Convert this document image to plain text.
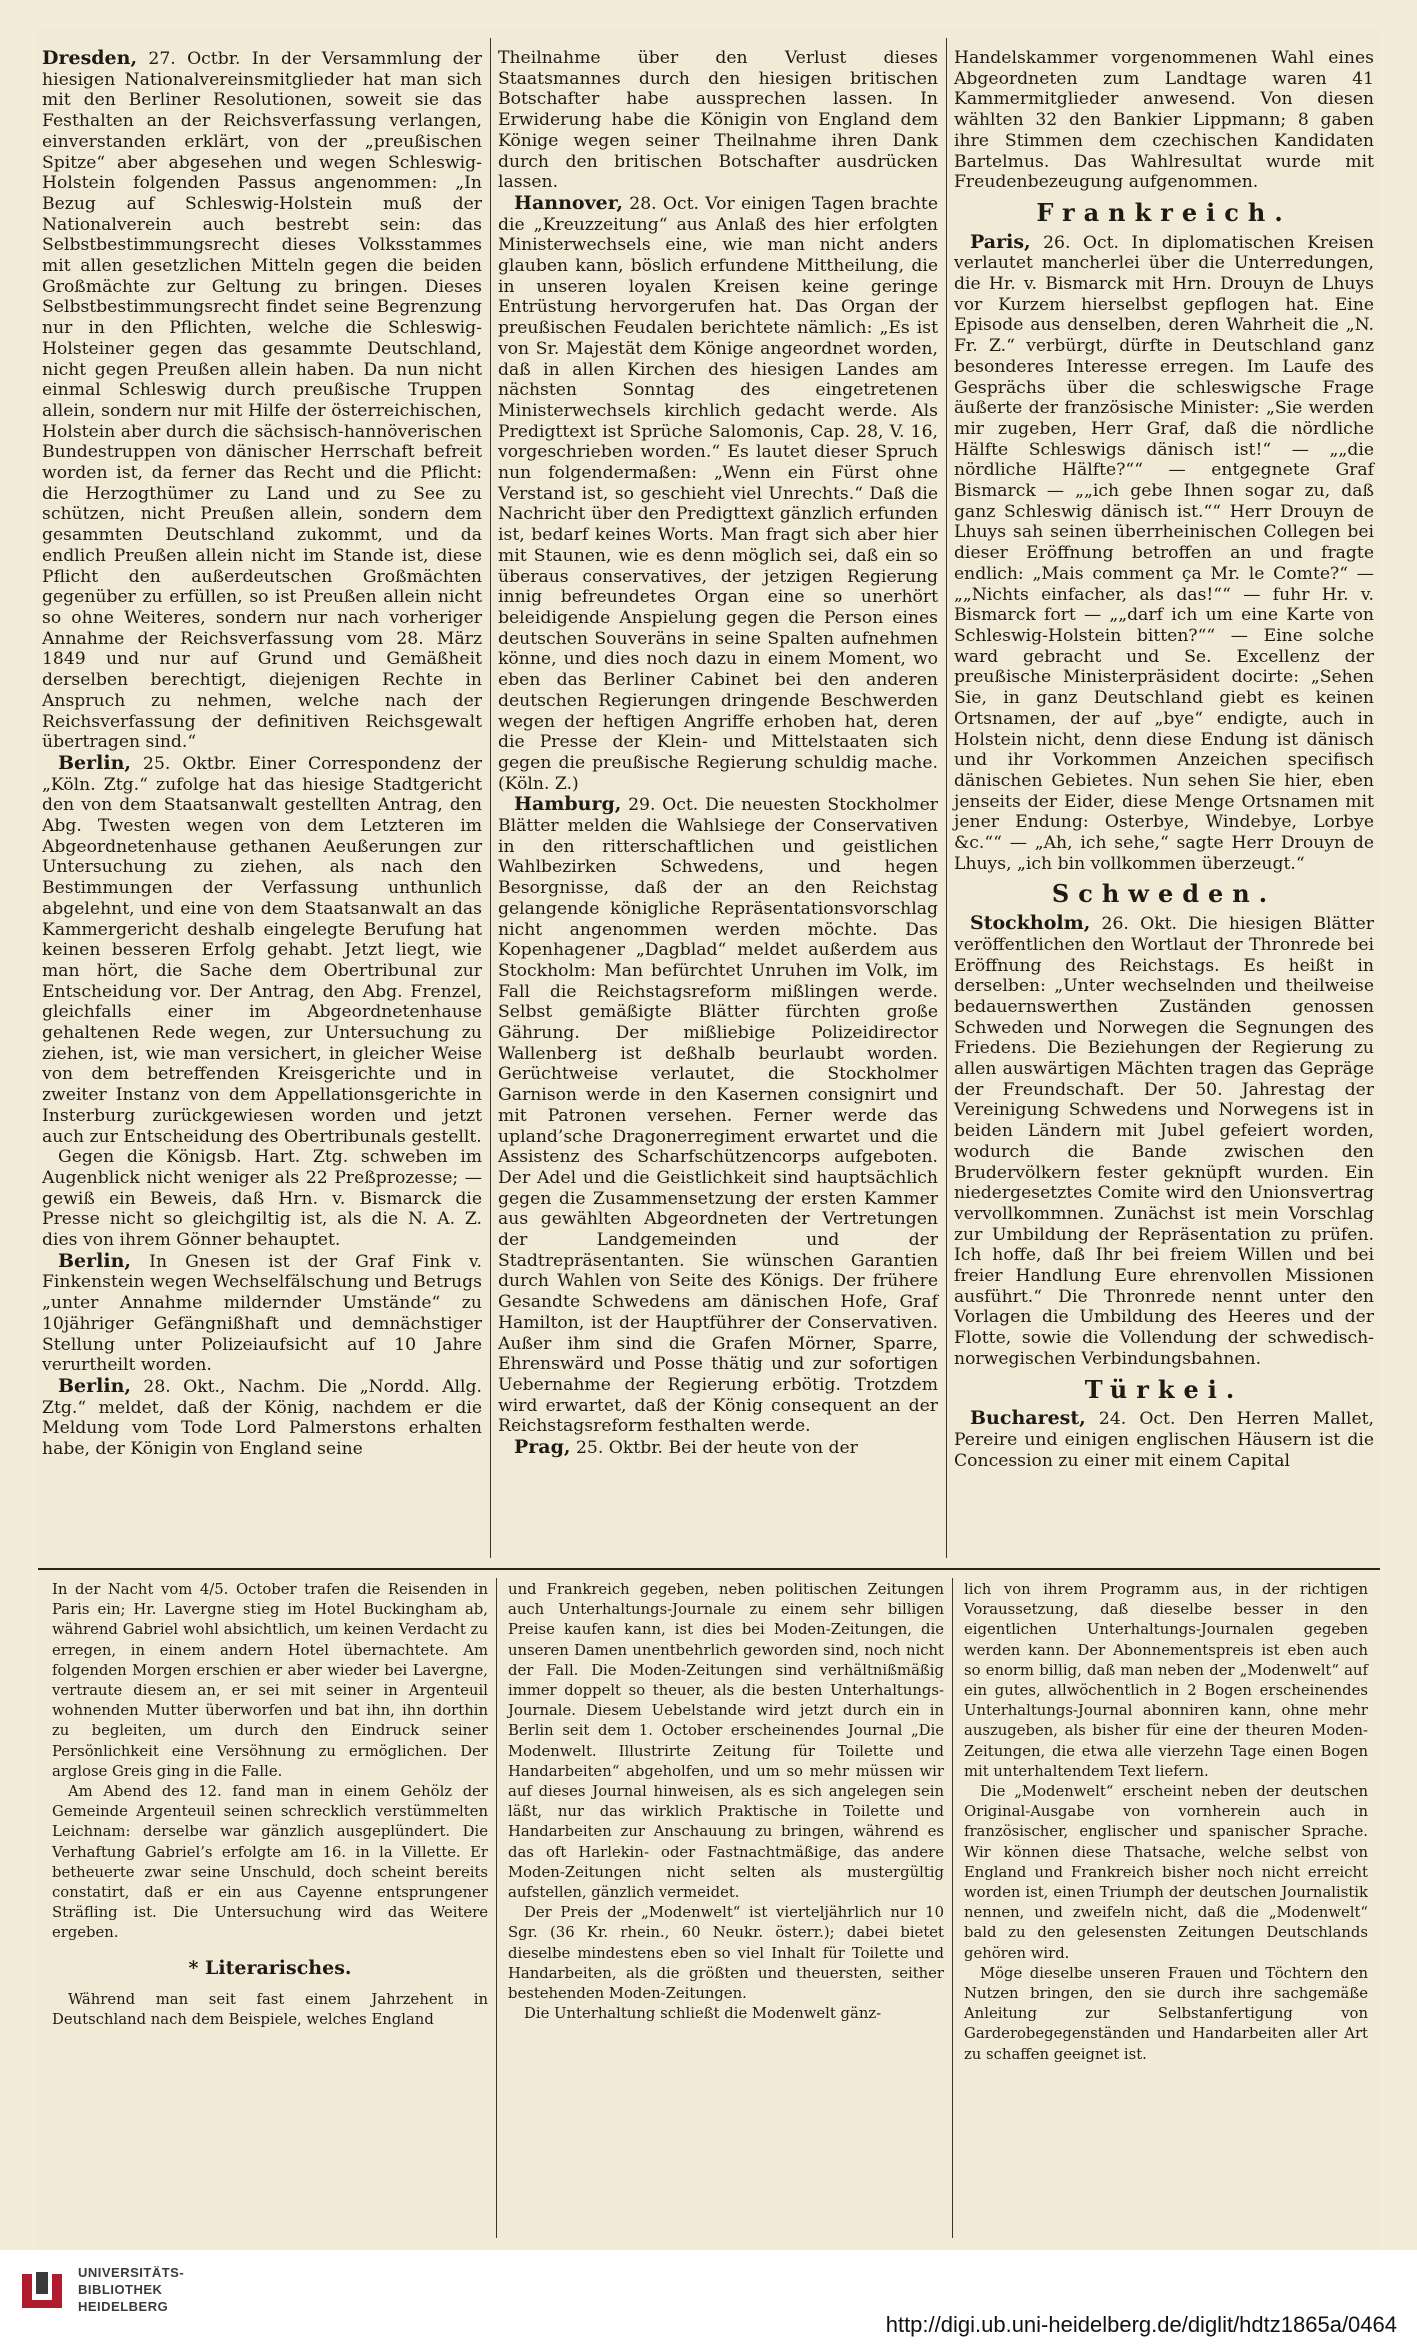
Dresden, 27. Octbr. In der Versammlung der hiesigen Nationalvereinsmitglieder hat man sich mit den Berliner Resolutionen, soweit sie das Festhalten an der Reichsverfassung verlangen, einverstanden erklärt, von der „preußischen Spitze“ aber abgesehen und wegen Schleswig-Holstein folgenden Passus angenommen: „In Bezug auf Schleswig-Holstein muß der Nationalverein auch bestrebt sein: das Selbstbestimmungsrecht dieses Volksstammes mit allen gesetzlichen Mitteln gegen die beiden Großmächte zur Geltung zu bringen. Dieses Selbstbestimmungsrecht findet seine Begrenzung nur in den Pflichten, welche die Schleswig-Holsteiner gegen das gesammte Deutschland, nicht gegen Preußen allein haben. Da nun nicht einmal Schleswig durch preußische Truppen allein, sondern nur mit Hilfe der österreichischen, Holstein aber durch die sächsisch-hannöverischen Bundestruppen von dänischer Herrschaft befreit worden ist, da ferner das Recht und die Pflicht: die Herzogthümer zu Land und zu See zu schützen, nicht Preußen allein, sondern dem gesammten Deutschland zukommt, und da endlich Preußen allein nicht im Stande ist, diese Pflicht den außerdeutschen Großmächten gegenüber zu erfüllen, so ist Preußen allein nicht so ohne Weiteres, sondern nur nach vorheriger Annahme der Reichsverfassung vom 28. März 1849 und nur auf Grund und Gemäßheit derselben berechtigt, diejenigen Rechte in Anspruch zu nehmen, welche nach der Reichsverfassung der definitiven Reichsgewalt übertragen sind.“

Berlin, 25. Oktbr. Einer Correspondenz der „Köln. Ztg.“ zufolge hat das hiesige Stadtgericht den von dem Staatsanwalt gestellten Antrag, den Abg. Twesten wegen von dem Letzteren im Abgeordnetenhause gethanen Aeußerungen zur Untersuchung zu ziehen, als nach den Bestimmungen der Verfassung unthunlich abgelehnt, und eine von dem Staatsanwalt an das Kammergericht deshalb eingelegte Berufung hat keinen besseren Erfolg gehabt. Jetzt liegt, wie man hört, die Sache dem Obertribunal zur Entscheidung vor. Der Antrag, den Abg. Frenzel, gleichfalls einer im Abgeordnetenhause gehaltenen Rede wegen, zur Untersuchung zu ziehen, ist, wie man versichert, in gleicher Weise von dem betreffenden Kreisgerichte und in zweiter Instanz von dem Appellationsgerichte in Insterburg zurückgewiesen worden und jetzt auch zur Entscheidung des Obertribunals gestellt.

Gegen die Königsb. Hart. Ztg. schweben im Augenblick nicht weniger als 22 Preßprozesse; — gewiß ein Beweis, daß Hrn. v. Bismarck die Presse nicht so gleichgiltig ist, als die N. A. Z. dies von ihrem Gönner behauptet.

Berlin, In Gnesen ist der Graf Fink v. Finkenstein wegen Wechselfälschung und Betrugs „unter Annahme mildernder Umstände“ zu 10jähriger Gefängnißhaft und demnächstiger Stellung unter Polizeiaufsicht auf 10 Jahre verurtheilt worden.

Berlin, 28. Okt., Nachm. Die „Nordd. Allg. Ztg.“ meldet, daß der König, nachdem er die Meldung vom Tode Lord Palmerstons erhalten habe, der Königin von England seine

Theilnahme über den Verlust dieses Staatsmannes durch den hiesigen britischen Botschafter habe aussprechen lassen. In Erwiderung habe die Königin von England dem Könige wegen seiner Theilnahme ihren Dank durch den britischen Botschafter ausdrücken lassen.

Hannover, 28. Oct. Vor einigen Tagen brachte die „Kreuzzeitung“ aus Anlaß des hier erfolgten Ministerwechsels eine, wie man nicht anders glauben kann, böslich erfundene Mittheilung, die in unseren loyalen Kreisen keine geringe Entrüstung hervorgerufen hat. Das Organ der preußischen Feudalen berichtete nämlich: „Es ist von Sr. Majestät dem Könige angeordnet worden, daß in allen Kirchen des hiesigen Landes am nächsten Sonntag des eingetretenen Ministerwechsels kirchlich gedacht werde. Als Predigttext ist Sprüche Salomonis, Cap. 28, V. 16, vorgeschrieben worden.“ Es lautet dieser Spruch nun folgendermaßen: „Wenn ein Fürst ohne Verstand ist, so geschieht viel Unrechts.“ Daß die Nachricht über den Predigttext gänzlich erfunden ist, bedarf keines Worts. Man fragt sich aber hier mit Staunen, wie es denn möglich sei, daß ein so überaus conservatives, der jetzigen Regierung innig befreundetes Organ eine so unerhört beleidigende Anspielung gegen die Person eines deutschen Souveräns in seine Spalten aufnehmen könne, und dies noch dazu in einem Moment, wo eben das Berliner Cabinet bei den anderen deutschen Regierungen dringende Beschwerden wegen der heftigen Angriffe erhoben hat, deren die Presse der Klein- und Mittelstaaten sich gegen die preußische Regierung schuldig mache. (Köln. Z.)

Hamburg, 29. Oct. Die neuesten Stockholmer Blätter melden die Wahlsiege der Conservativen in den ritterschaftlichen und geistlichen Wahlbezirken Schwedens, und hegen Besorgnisse, daß der an den Reichstag gelangende königliche Repräsentationsvorschlag nicht angenommen werden möchte. Das Kopenhagener „Dagblad“ meldet außerdem aus Stockholm: Man befürchtet Unruhen im Volk, im Fall die Reichstagsreform mißlingen werde. Selbst gemäßigte Blätter fürchten große Gährung. Der mißliebige Polizeidirector Wallenberg ist deßhalb beurlaubt worden. Gerüchtweise verlautet, die Stockholmer Garnison werde in den Kasernen consignirt und mit Patronen versehen. Ferner werde das upland’sche Dragonerregiment erwartet und die Assistenz des Scharfschützencorps aufgeboten. Der Adel und die Geistlichkeit sind hauptsächlich gegen die Zusammensetzung der ersten Kammer aus gewählten Abgeordneten der Vertretungen der Landgemeinden und der Stadtrepräsentanten. Sie wünschen Garantien durch Wahlen von Seite des Königs. Der frühere Gesandte Schwedens am dänischen Hofe, Graf Hamilton, ist der Hauptführer der Conservativen. Außer ihm sind die Grafen Mörner, Sparre, Ehrenswärd und Posse thätig und zur sofortigen Uebernahme der Regierung erbötig. Trotzdem wird erwartet, daß der König consequent an der Reichstagsreform festhalten werde.

Prag, 25. Oktbr. Bei der heute von der

Handelskammer vorgenommenen Wahl eines Abgeordneten zum Landtage waren 41 Kammermitglieder anwesend. Von diesen wählten 32 den Bankier Lippmann; 8 gaben ihre Stimmen dem czechischen Kandidaten Bartelmus. Das Wahlresultat wurde mit Freudenbezeugung aufgenommen.

Frankreich.

Paris, 26. Oct. In diplomatischen Kreisen verlautet mancherlei über die Unterredungen, die Hr. v. Bismarck mit Hrn. Drouyn de Lhuys vor Kurzem hierselbst gepflogen hat. Eine Episode aus denselben, deren Wahrheit die „N. Fr. Z.“ verbürgt, dürfte in Deutschland ganz besonderes Interesse erregen. Im Laufe des Gesprächs über die schleswigsche Frage äußerte der französische Minister: „Sie werden mir zugeben, Herr Graf, daß die nördliche Hälfte Schleswigs dänisch ist!“ — „„die nördliche Hälfte?““ — entgegnete Graf Bismarck — „„ich gebe Ihnen sogar zu, daß ganz Schleswig dänisch ist.““ Herr Drouyn de Lhuys sah seinen überrheinischen Collegen bei dieser Eröffnung betroffen an und fragte endlich: „Mais comment ça Mr. le Comte?“ — „„Nichts einfacher, als das!““ — fuhr Hr. v. Bismarck fort — „„darf ich um eine Karte von Schleswig-Holstein bitten?““ — Eine solche ward gebracht und Se. Excellenz der preußische Ministerpräsident docirte: „Sehen Sie, in ganz Deutschland giebt es keinen Ortsnamen, der auf „bye“ endigte, auch in Holstein nicht, denn diese Endung ist dänisch und ihr Vorkommen Anzeichen specifisch dänischen Gebietes. Nun sehen Sie hier, eben jenseits der Eider, diese Menge Ortsnamen mit jener Endung: Osterbye, Windebye, Lorbye &c.““ — „Ah, ich sehe,“ sagte Herr Drouyn de Lhuys, „ich bin vollkommen überzeugt.“

Schweden.

Stockholm, 26. Okt. Die hiesigen Blätter veröffentlichen den Wortlaut der Thronrede bei Eröffnung des Reichstags. Es heißt in derselben: „Unter wechselnden und theilweise bedauernswerthen Zuständen genossen Schweden und Norwegen die Segnungen des Friedens. Die Beziehungen der Regierung zu allen auswärtigen Mächten tragen das Gepräge der Freundschaft. Der 50. Jahrestag der Vereinigung Schwedens und Norwegens ist in beiden Ländern mit Jubel gefeiert worden, wodurch die Bande zwischen den Brudervölkern fester geknüpft wurden. Ein niedergesetztes Comite wird den Unionsvertrag vervollkommnen. Zunächst ist mein Vorschlag zur Umbildung der Repräsentation zu prüfen. Ich hoffe, daß Ihr bei freiem Willen und bei freier Handlung Eure ehrenvollen Missionen ausführt.“ Die Thronrede nennt unter den Vorlagen die Umbildung des Heeres und der Flotte, sowie die Vollendung der schwedisch-norwegischen Verbindungsbahnen.

Türkei.

Bucharest, 24. Oct. Den Herren Mallet, Pereire und einigen englischen Häusern ist die Concession zu einer mit einem Capital

In der Nacht vom 4/5. October trafen die Reisenden in Paris ein; Hr. Lavergne stieg im Hotel Buckingham ab, während Gabriel wohl absichtlich, um keinen Verdacht zu erregen, in einem andern Hotel übernachtete. Am folgenden Morgen erschien er aber wieder bei Lavergne, vertraute diesem an, er sei mit seiner in Argenteuil wohnenden Mutter überworfen und bat ihn, ihn dorthin zu begleiten, um durch den Eindruck seiner Persönlichkeit eine Versöhnung zu ermöglichen. Der arglose Greis ging in die Falle.

Am Abend des 12. fand man in einem Gehölz der Gemeinde Argenteuil seinen schrecklich verstümmelten Leichnam: derselbe war gänzlich ausgeplündert. Die Verhaftung Gabriel’s erfolgte am 16. in la Villette. Er betheuerte zwar seine Unschuld, doch scheint bereits constatirt, daß er ein aus Cayenne entsprungener Sträfling ist. Die Untersuchung wird das Weitere ergeben.

* Literarisches.

Während man seit fast einem Jahrzehent in Deutschland nach dem Beispiele, welches England

und Frankreich gegeben, neben politischen Zeitungen auch Unterhaltungs-Journale zu einem sehr billigen Preise kaufen kann, ist dies bei Moden-Zeitungen, die unseren Damen unentbehrlich geworden sind, noch nicht der Fall. Die Moden-Zeitungen sind verhältnißmäßig immer doppelt so theuer, als die besten Unterhaltungs-Journale. Diesem Uebelstande wird jetzt durch ein in Berlin seit dem 1. October erscheinendes Journal „Die Modenwelt. Illustrirte Zeitung für Toilette und Handarbeiten“ abgeholfen, und um so mehr müssen wir auf dieses Journal hinweisen, als es sich angelegen sein läßt, nur das wirklich Praktische in Toilette und Handarbeiten zur Anschauung zu bringen, während es das oft Harlekin- oder Fastnachtmäßige, das andere Moden-Zeitungen nicht selten als mustergültig aufstellen, gänzlich vermeidet.

Der Preis der „Modenwelt“ ist vierteljährlich nur 10 Sgr. (36 Kr. rhein., 60 Neukr. österr.); dabei bietet dieselbe mindestens eben so viel Inhalt für Toilette und Handarbeiten, als die größten und theuersten, seither bestehenden Moden-Zeitungen.

Die Unterhaltung schließt die Modenwelt gänz-

lich von ihrem Programm aus, in der richtigen Voraussetzung, daß dieselbe besser in den eigentlichen Unterhaltungs-Journalen gegeben werden kann. Der Abonnementspreis ist eben auch so enorm billig, daß man neben der „Modenwelt“ auf ein gutes, allwöchentlich in 2 Bogen erscheinendes Unterhaltungs-Journal abonniren kann, ohne mehr auszugeben, als bisher für eine der theuren Moden-Zeitungen, die etwa alle vierzehn Tage einen Bogen mit unterhaltendem Text liefern.

Die „Modenwelt“ erscheint neben der deutschen Original-Ausgabe von vornherein auch in französischer, englischer und spanischer Sprache. Wir können diese Thatsache, welche selbst von England und Frankreich bisher noch nicht erreicht worden ist, einen Triumph der deutschen Journalistik nennen, und zweifeln nicht, daß die „Modenwelt“ bald zu den gelesensten Zeitungen Deutschlands gehören wird.

Möge dieselbe unseren Frauen und Töchtern den Nutzen bringen, den sie durch ihre sachgemäße Anleitung zur Selbstanfertigung von Garderobegegenständen und Handarbeiten aller Art zu schaffen geeignet ist.

UNIVERSITÄTS-
BIBLIOTHEK
HEIDELBERG
http://digi.ub.uni-heidelberg.de/diglit/hdtz1865a/0464
